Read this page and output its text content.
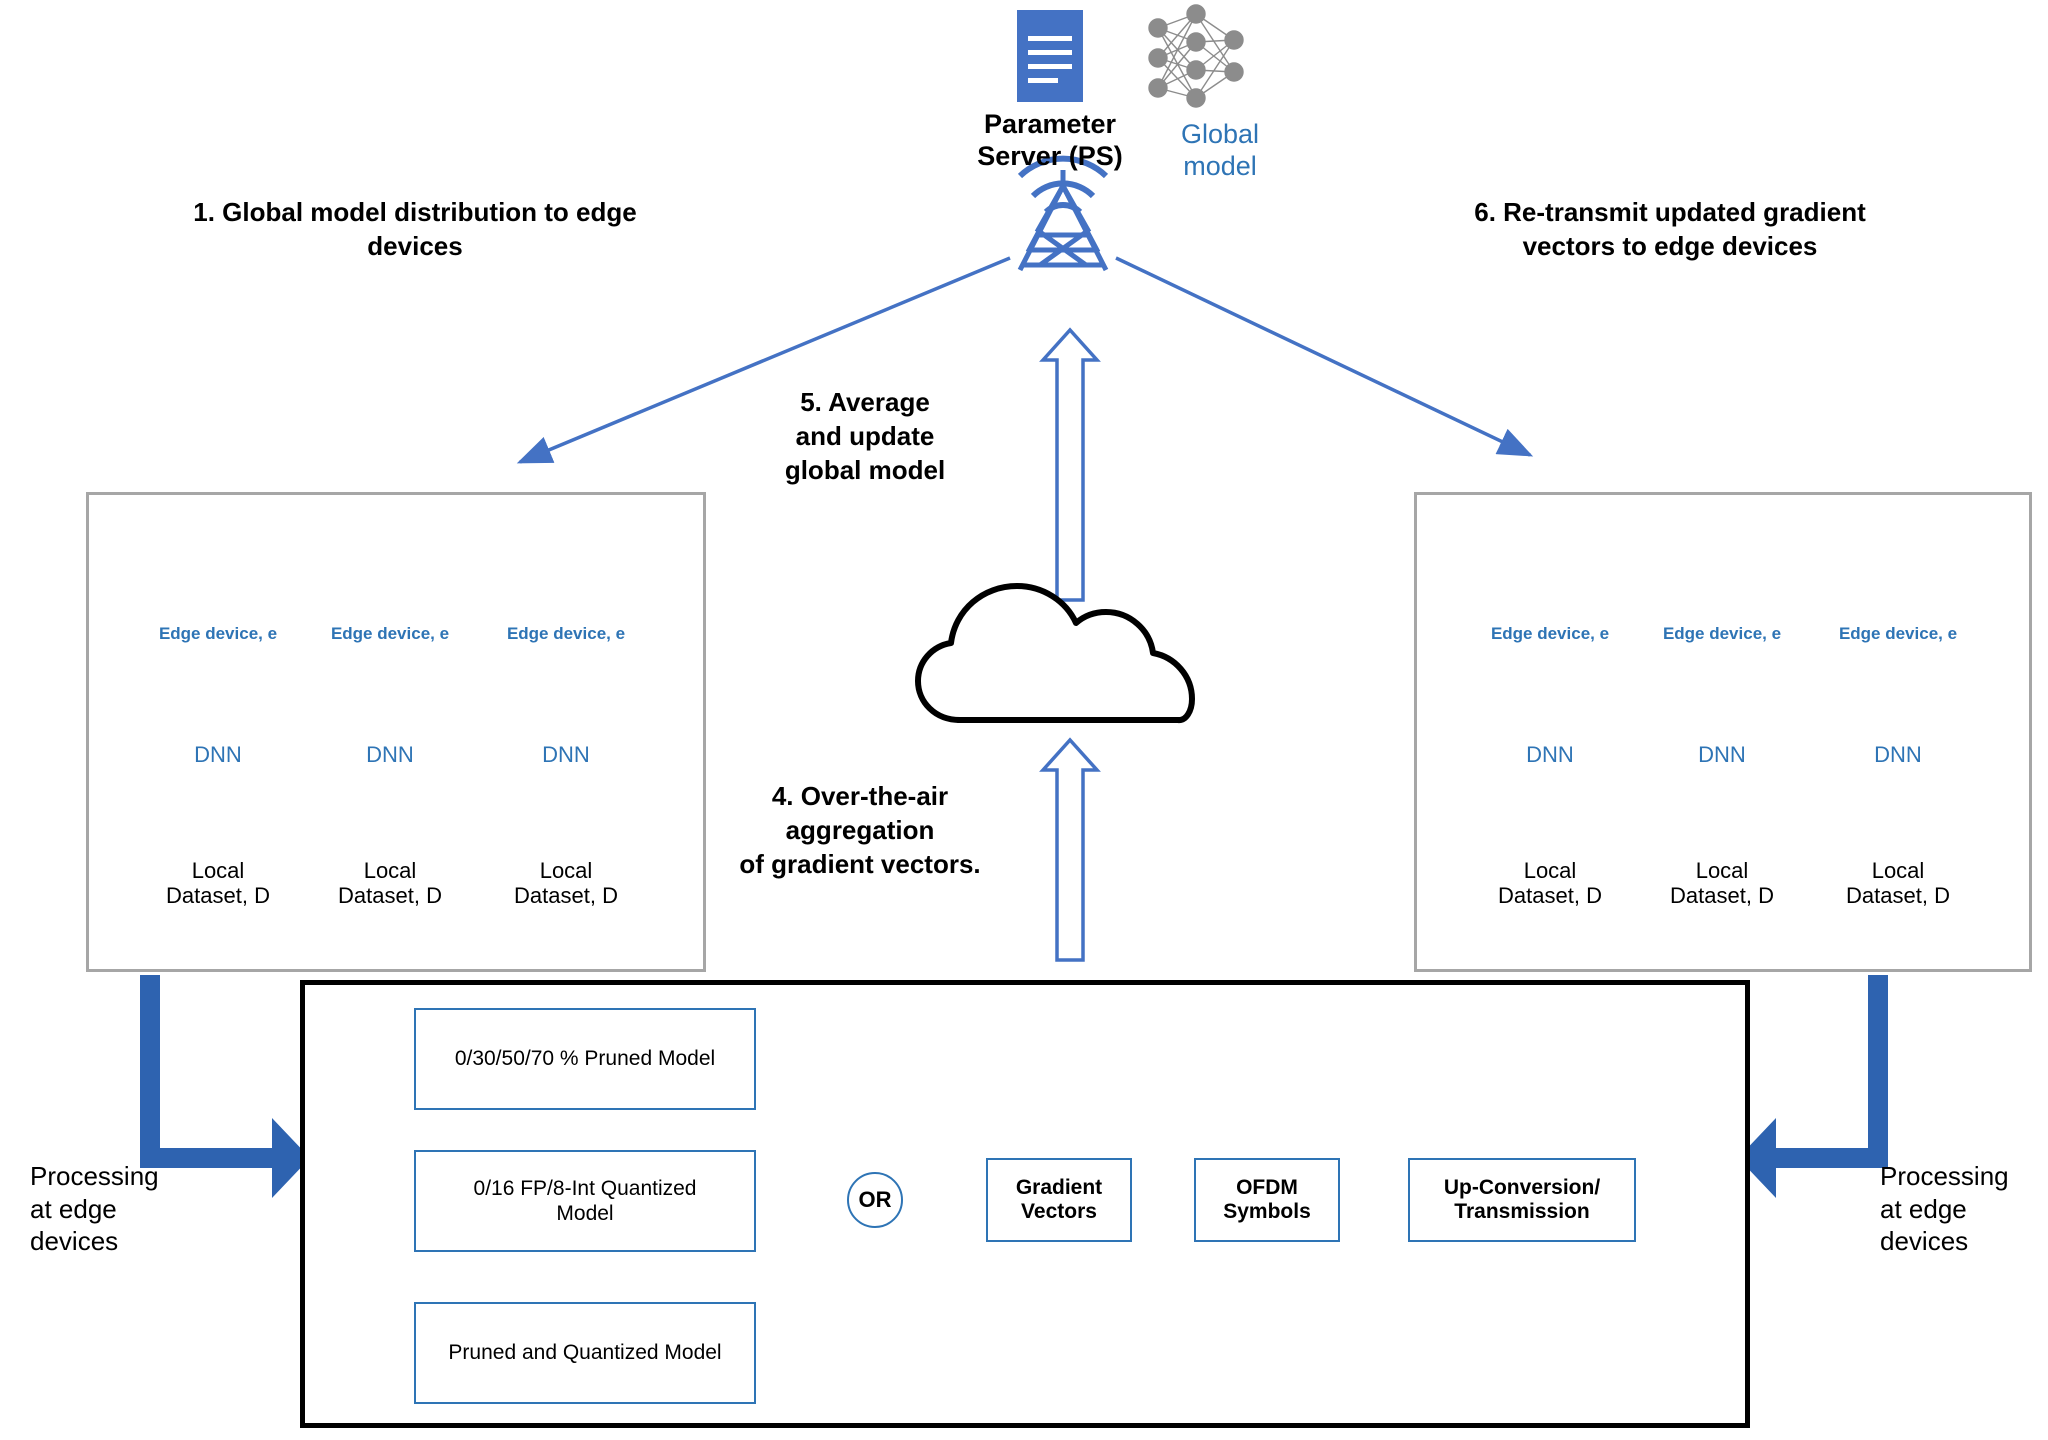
Parameter
Server (PS)
Global
model
1. Global model distribution to edge
devices
6. Re-transmit updated gradient
vectors to edge devices
5. Average
and update
global model
4. Over-the-air
aggregation
of gradient vectors.
Edge device, e	Edge device, e	Edge device, e
DNN	DNN	DNN
Local
Dataset, D
Local
Dataset, D
Local
Dataset, D
Edge device, e	Edge device, e	Edge device, e
DNN	DNN	DNN
Local
Dataset, D
Local
Dataset, D
Local
Dataset, D
Processing
at edge
devices
Processing
at edge
devices
0/30/50/70 % Pruned Model
0/16 FP/8-Int Quantized
Model
Pruned and Quantized Model
OR	Gradient
Vectors
OFDM
Symbols
Up-Conversion/
Transmission
